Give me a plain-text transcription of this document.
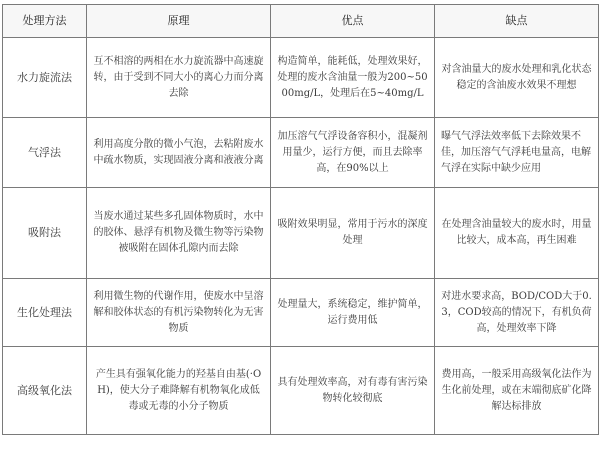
处理方法	原理	优点	缺点
水力旋流法	互不相溶的两相在水力旋流器中高速旋转，由于受到不同大小的离心力而分离去除	构造简单，能耗低，处理效果好，处理的废水含油量一般为200~5000mg/L，处理后在5~40mg/L	对含油量大的废水处理和乳化状态稳定的含油废水效果不理想
气浮法	利用高度分散的微小气泡，去粘附废水中疏水物质，实现固液分离和液液分离	加压溶气气浮设备容积小，混凝剂用量少，运行方便，而且去除率高，在90%以上	曝气气浮法效率低下去除效果不佳，加压溶气气浮耗电量高，电解气浮在实际中缺少应用
吸附法	当废水通过某些多孔固体物质时，水中的胶体、悬浮有机物及微生物等污染物被吸附在固体孔隙内而去除	吸附效果明显，常用于污水的深度处理	在处理含油量较大的废水时，用量比较大，成本高，再生困难
生化处理法	利用微生物的代谢作用，使废水中呈溶解和胶体状态的有机污染物转化为无害物质	处理量大，系统稳定，维护简单，运行费用低	对进水要求高，BOD/COD大于0.3，COD较高的情况下，有机负荷高，处理效率下降
高级氧化法	产生具有强氧化能力的羟基自由基(·OH)，使大分子难降解有机物氧化成低毒或无毒的小分子物质	具有处理效率高，对有毒有害污染物转化较彻底	费用高，一般采用高级氧化法作为生化前处理，或在末端彻底矿化降解达标排放
